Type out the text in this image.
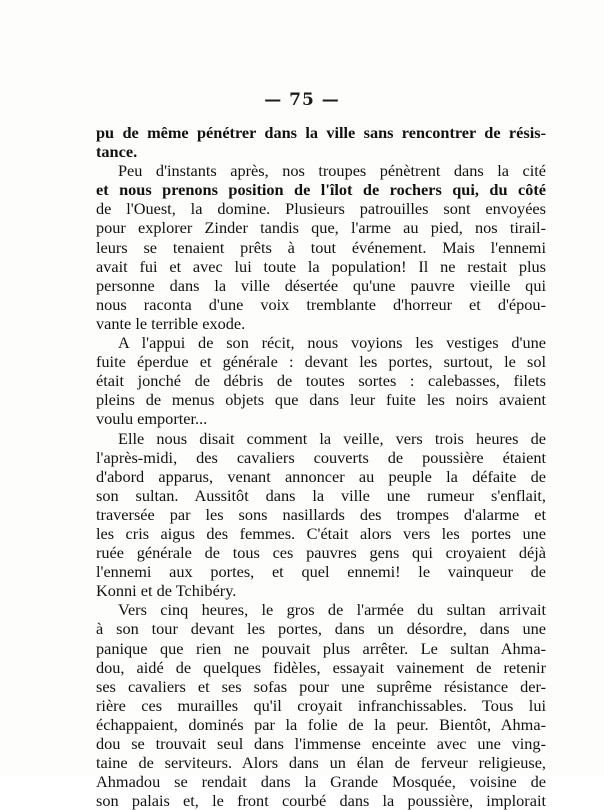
— 75 —
pu de même pénétrer dans la ville sans rencontrer de résis-
tance.
Peu d'instants après, nos troupes pénètrent dans la cité
et nous prenons position de l'îlot de rochers qui, du côté
de l'Ouest, la domine. Plusieurs patrouilles sont envoyées
pour explorer Zinder tandis que, l'arme au pied, nos tirail-
leurs se tenaient prêts à tout événement. Mais l'ennemi
avait fui et avec lui toute la population! Il ne restait plus
personne dans la ville désertée qu'une pauvre vieille qui
nous raconta d'une voix tremblante d'horreur et d'épou-
vante le terrible exode.
A l'appui de son récit, nous voyions les vestiges d'une
fuite éperdue et générale : devant les portes, surtout, le sol
était jonché de débris de toutes sortes : calebasses, filets
pleins de menus objets que dans leur fuite les noirs avaient
voulu emporter...
Elle nous disait comment la veille, vers trois heures de
l'après-midi, des cavaliers couverts de poussière étaient
d'abord apparus, venant annoncer au peuple la défaite de
son sultan. Aussitôt dans la ville une rumeur s'enflait,
traversée par les sons nasillards des trompes d'alarme et
les cris aigus des femmes. C'était alors vers les portes une
ruée générale de tous ces pauvres gens qui croyaient déjà
l'ennemi aux portes, et quel ennemi! le vainqueur de
Konni et de Tchibéry.
Vers cinq heures, le gros de l'armée du sultan arrivait
à son tour devant les portes, dans un désordre, dans une
panique que rien ne pouvait plus arrêter. Le sultan Ahma-
dou, aidé de quelques fidèles, essayait vainement de retenir
ses cavaliers et ses sofas pour une suprême résistance der-
rière ces murailles qu'il croyait infranchissables. Tous lui
échappaient, dominés par la folie de la peur. Bientôt, Ahma-
dou se trouvait seul dans l'immense enceinte avec une ving-
taine de serviteurs. Alors dans un élan de ferveur religieuse,
Ahmadou se rendait dans la Grande Mosquée, voisine de
son palais et, le front courbé dans la poussière, implorait
